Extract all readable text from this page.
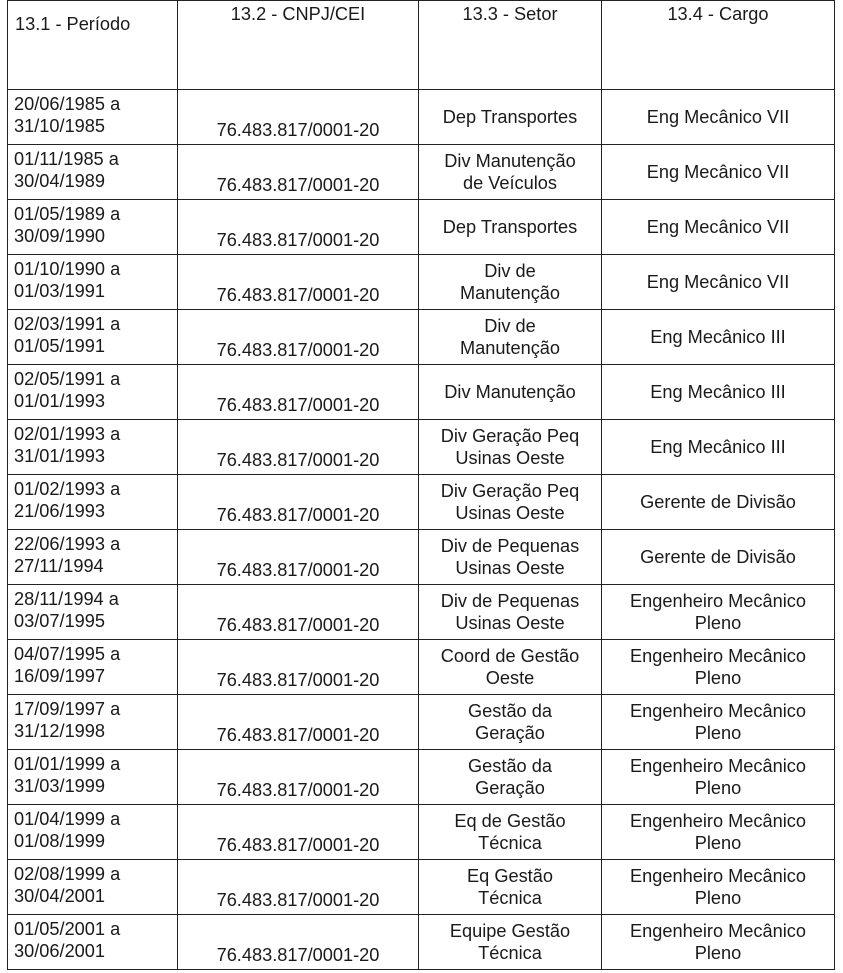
13.1 - Período	13.2 - CNPJ/CEI	13.3 - Setor	13.4 - Cargo

20/06/1985 a
31/10/1985	76.483.817/0001-20	Dep Transportes	Eng Mecânico VII

01/11/1985 a
30/04/1989	76.483.817/0001-20	Div Manutenção
de Veículos	Eng Mecânico VII

01/05/1989 a
30/09/1990	76.483.817/0001-20	Dep Transportes	Eng Mecânico VII

01/10/1990 a
01/03/1991	76.483.817/0001-20	Div de
Manutenção	Eng Mecânico VII

02/03/1991 a
01/05/1991	76.483.817/0001-20	Div de
Manutenção	Eng Mecânico III

02/05/1991 a
01/01/1993	76.483.817/0001-20	Div Manutenção	Eng Mecânico III

02/01/1993 a
31/01/1993	76.483.817/0001-20	Div Geração Peq
Usinas Oeste	Eng Mecânico III

01/02/1993 a
21/06/1993	76.483.817/0001-20	Div Geração Peq
Usinas Oeste	Gerente de Divisão

22/06/1993 a
27/11/1994	76.483.817/0001-20	Div de Pequenas
Usinas Oeste	Gerente de Divisão

28/11/1994 a
03/07/1995	76.483.817/0001-20	Div de Pequenas
Usinas Oeste	Engenheiro Mecânico
Pleno

04/07/1995 a
16/09/1997	76.483.817/0001-20	Coord de Gestão
Oeste	Engenheiro Mecânico
Pleno

17/09/1997 a
31/12/1998	76.483.817/0001-20	Gestão da
Geração	Engenheiro Mecânico
Pleno

01/01/1999 a
31/03/1999	76.483.817/0001-20	Gestão da
Geração	Engenheiro Mecânico
Pleno

01/04/1999 a
01/08/1999	76.483.817/0001-20	Eq de Gestão
Técnica	Engenheiro Mecânico
Pleno

02/08/1999 a
30/04/2001	76.483.817/0001-20	Eq Gestão
Técnica	Engenheiro Mecânico
Pleno

01/05/2001 a
30/06/2001	76.483.817/0001-20	Equipe Gestão
Técnica	Engenheiro Mecânico
Pleno
